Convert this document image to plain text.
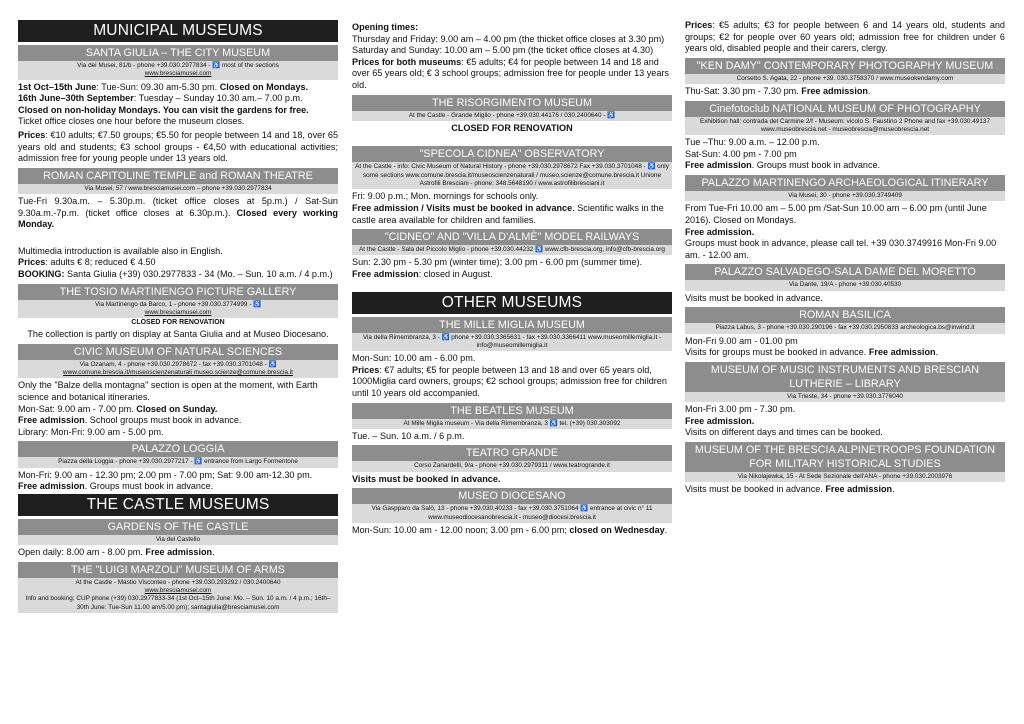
MUNICIPAL MUSEUMS
SANTA GIULIA – THE CITY MUSEUM
Via dei Musei, 81/b - phone +39.030.2977834 - ♿ most of the sections
www.bresciamusei.com
1st Oct–15th June: Tue-Sun: 09.30 am-5.30 pm. Closed on Mondays.
16th June–30th September: Tuesday – Sunday 10.30 am.– 7.00 p.m.
Closed on non-holiday Mondays. You can visit the gardens for free.
Ticket office closes one hour before the museum closes.
Prices: €10 adults; €7.50 groups; €5.50 for people between 14 and 18, over 65 years old and students; €3 school groups - €4,50 with educational activities; admission free for young people under 13 years old.
ROMAN CAPITOLINE TEMPLE and ROMAN THEATRE
Via Musei, 57 / www.bresciamusei.com – phone +39.030.2977834
Tue-Fri 9.30a.m. – 5.30p.m. (ticket office closes at 5p.m.) / Sat-Sun 9.30a.m.-7p.m. (ticket office closes at 6.30p.m.). Closed every working Monday.
Multimedia introduction is available also in English.
Prices: adults € 8; reduced € 4.50
BOOKING: Santa Giulia (+39) 030.2977833 - 34 (Mo. – Sun. 10 a.m. / 4 p.m.)
THE TOSIO MARTINENGO PICTURE GALLERY
Via Martinengo da Barco, 1 - phone +39.030.3774999 - ♿
www.bresciamusei.com
CLOSED FOR RENOVATION
The collection is partly on display at Santa Giulia and at Museo Diocesano.
CIVIC MUSEUM OF NATURAL SCIENCES
Via Ozanam, 4 - phone +39.030.2978672 - fax +39.030.3701048 - ♿
www.comune.brescia.it/museoscienzenaturali museo.scienze@comune.brescia.it
Only the "Balze della montagna" section is open at the moment, with Earth science and botanical itineraries.
Mon-Sat: 9.00 am - 7.00 pm. Closed on Sunday.
Free admission. School groups must book in advance.
Library: Mon-Fri: 9.00 am - 5.00 pm.
PALAZZO LOGGIA
Piazza della Loggia - phone +39.030.2977217 - ♿ entrance from Largo Formentone
Mon-Fri: 9.00 am - 12.30 pm; 2.00 pm - 7.00 pm; Sat: 9.00 am-12.30 pm.
Free admission. Groups must book in advance.
THE CASTLE MUSEUMS
GARDENS OF THE CASTLE
Via del Castello
Open daily: 8.00 am - 8.00 pm. Free admission.
THE "LUIGI MARZOLI" MUSEUM OF ARMS
At the Castle - Mastio Visconteo - phone +39.030.293292 / 030.2400640
www.bresciamusei.com
Info and booking: CUP phone (+39) 030.2977833-34 (1st Oct–15th June: Mo. – Sun. 10 a.m. / 4 p.m.; 16th–30th June: Tue-Sun 11.00 am/5.00 pm); santagiulia@bresciamusei.com
Opening times:
Thursday and Friday: 9.00 am – 4.00 pm (the thicket office closes at 3.30 pm)
Saturday and Sunday: 10.00 am – 5.00 pm (the ticket office closes at 4.30)
Prices for both museums: €5 adults; €4 for people between 14 and 18 and over 65 years old; € 3 school groups; admission free for people under 13 years old.
THE RISORGIMENTO MUSEUM
At the Castle - Grande Miglio - phone +39.030.44176 / 030.2400640 - ♿
CLOSED FOR RENOVATION
"SPECOLA CIDNEA" OBSERVATORY
At the Castle - info: Civic Museum of Natural History - phone +39.030.2978672 Fax +39.030.3701048 - ♿ only some sections www.comune.brescia.it/museoscienzenaturali / museo.scienze@comune.brescia.it Unione Astrofili Bresciani - phone: 348.5648190 / www.astrofilibresciani.it
Fri: 9.00 p.m.; Mon. mornings for schools only.
Free admission / Visits must be booked in advance. Scientific walks in the castle area available for children and families.
"CIDNEO" AND "VILLA D'ALMÈ" MODEL RAILWAYS
At the Castle - Sala del Piccolo Miglio - phone +39.030.44232 ♿ www.cfb-brescia.org, info@cfb-brescia.org
Sun: 2.30 pm - 5.30 pm (winter time); 3.00 pm - 6.00 pm (summer time).
Free admission: closed in August.
OTHER MUSEUMS
THE MILLE MIGLIA MUSEUM
Via della Rimembranza, 3 - ♿ phone +39.030.3365631 - fax +39.030.3366411 www.museomillemiglia.it - info@museomillemiglia.it
Mon-Sun: 10.00 am - 6.00 pm.
Prices: €7 adults; €5 for people between 13 and 18 and over 65 years old, 1000Miglia card owners, groups; €2 school groups; admission free for children until 10 years old accompanied.
THE BEATLES MUSEUM
At Mille Miglia museum - Via della Rimembranza, 3 ♿ tel. (+39) 030.303092
Tue. – Sun. 10 a.m. / 6 p.m.
TEATRO GRANDE
Corso Zanardelli, 9/a - phone +39.030.2979311 / www.teatrogrande.it
Visits must be booked in advance.
MUSEO DIOCESANO
Via Gaspparo da Salò, 13 - phone +39.030.40233 - fax +39.030.3751064 ♿ entrance at civic n° 11 www.museodiocesanobrescia.it - museo@diocesi.brescia.it
Mon-Sun: 10.00 am - 12.00 noon; 3.00 pm - 6.00 pm; closed on Wednesday.
Prices: €5 adults; €3 for people between 6 and 14 years old, students and groups; €2 for people over 60 years old; admission free for children under 6 years old, disabled people and their carers, clergy.
"KEN DAMY" CONTEMPORARY PHOTOGRAPHY MUSEUM
Corsetto S. Agata, 22 - phone +39. 030.3758370 / www.museokendamy.com
Thu-Sat: 3.30 pm - 7.30 pm. Free admission.
Cinefotoclub NATIONAL MUSEUM OF PHOTOGRAPHY
Exhibition hall: contrada del Carmine 2/f - Museum: vicolo S. Faustino 2 Phone and fax +39.030.49137 www.museobrescia.net - museobrescia@museobrescia.net
Tue –Thu: 9.00 a.m. – 12.00 p.m.
Sat-Sun: 4.00 pm - 7.00 pm
Free admission. Groups must book in advance.
PALAZZO MARTINENGO ARCHAEOLOGICAL ITINERARY
Via Musei, 30 - phone +39.030.3749409
From Tue-Fri 10.00 am – 5.00 pm /Sat-Sun 10.00 am – 6.00 pm (until June 2016). Closed on Mondays.
Free admission.
Groups must book in advance, please call tel. +39 030.3749916 Mon-Fri 9.00 am. - 12.00 am.
PALAZZO SALVADEGO-SALA DAME DEL MORETTO
Via Dante, 19/A - phone +39.030.40530
Visits must be booked in advance.
ROMAN BASILICA
Piazza Labus, 3 - phone +39.030.290196 - fax +39.030.2950833 archeologica.bs@inwind.it
Mon-Fri 9.00 am - 01.00 pm
Visits for groups must be booked in advance. Free admission.
MUSEUM OF MUSIC INSTRUMENTS AND BRESCIAN LUTHERIE – LIBRARY
Via Trieste, 34 - phone +39.030.3776040
Mon-Fri 3.00 pm - 7.30 pm.
Free admission.
Visits on different days and times can be booked.
MUSEUM OF THE BRESCIA ALPINETROOPS FOUNDATION FOR MILITARY HISTORICAL STUDIES
Via Nikolajewka, 15 - At Sede Sezionale dell'ANA - phone +39.030.2003976
Visits must be booked in advance. Free admission.
